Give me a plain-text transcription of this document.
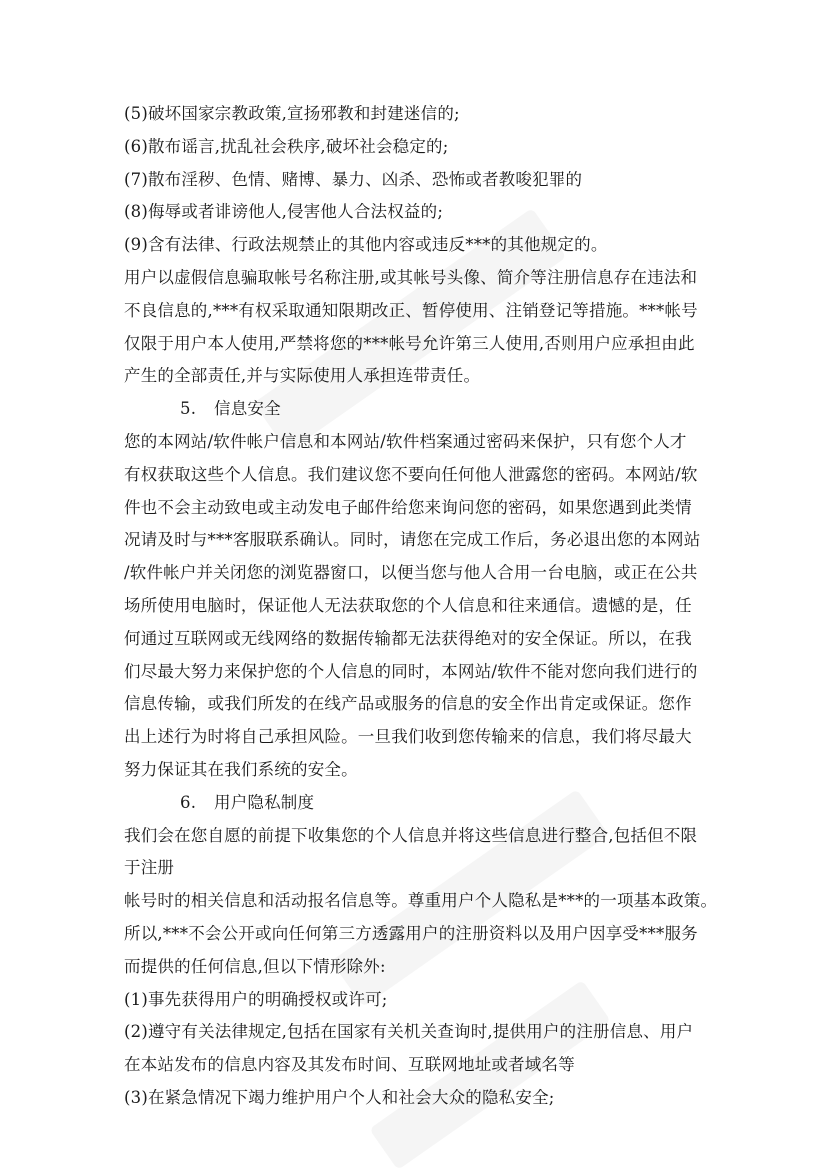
(5)破坏国家宗教政策,宣扬邪教和封建迷信的;
(6)散布谣言,扰乱社会秩序,破坏社会稳定的;
(7)散布淫秽、色情、赌博、暴力、凶杀、恐怖或者教唆犯罪的
(8)侮辱或者诽谤他人,侵害他人合法权益的;
(9)含有法律、行政法规禁止的其他内容或违反***的其他规定的。
用户以虚假信息骗取帐号名称注册,或其帐号头像、简介等注册信息存在违法和
不良信息的,***有权采取通知限期改正、暂停使用、注销登记等措施。***帐号
仅限于用户本人使用,严禁将您的***帐号允许第三人使用,否则用户应承担由此
产生的全部责任,并与实际使用人承担连带责任。
5. 信息安全
您的本网站/软件帐户信息和本网站/软件档案通过密码来保护，只有您个人才
有权获取这些个人信息。我们建议您不要向任何他人泄露您的密码。本网站/软
件也不会主动致电或主动发电子邮件给您来询问您的密码，如果您遇到此类情
况请及时与***客服联系确认。同时，请您在完成工作后，务必退出您的本网站
/软件帐户并关闭您的浏览器窗口，以便当您与他人合用一台电脑，或正在公共
场所使用电脑时，保证他人无法获取您的个人信息和往来通信。遗憾的是，任
何通过互联网或无线网络的数据传输都无法获得绝对的安全保证。所以，在我
们尽最大努力来保护您的个人信息的同时，本网站/软件不能对您向我们进行的
信息传输，或我们所发的在线产品或服务的信息的安全作出肯定或保证。您作
出上述行为时将自己承担风险。一旦我们收到您传输来的信息，我们将尽最大
努力保证其在我们系统的安全。
6. 用户隐私制度
我们会在您自愿的前提下收集您的个人信息并将这些信息进行整合,包括但不限
于注册
帐号时的相关信息和活动报名信息等。尊重用户个人隐私是***的一项基本政策。
所以,***不会公开或向任何第三方透露用户的注册资料以及用户因享受***服务
而提供的任何信息,但以下情形除外:
(1)事先获得用户的明确授权或许可;
(2)遵守有关法律规定,包括在国家有关机关查询时,提供用户的注册信息、用户
在本站发布的信息内容及其发布时间、互联网地址或者域名等
(3)在紧急情况下竭力维护用户个人和社会大众的隐私安全;
